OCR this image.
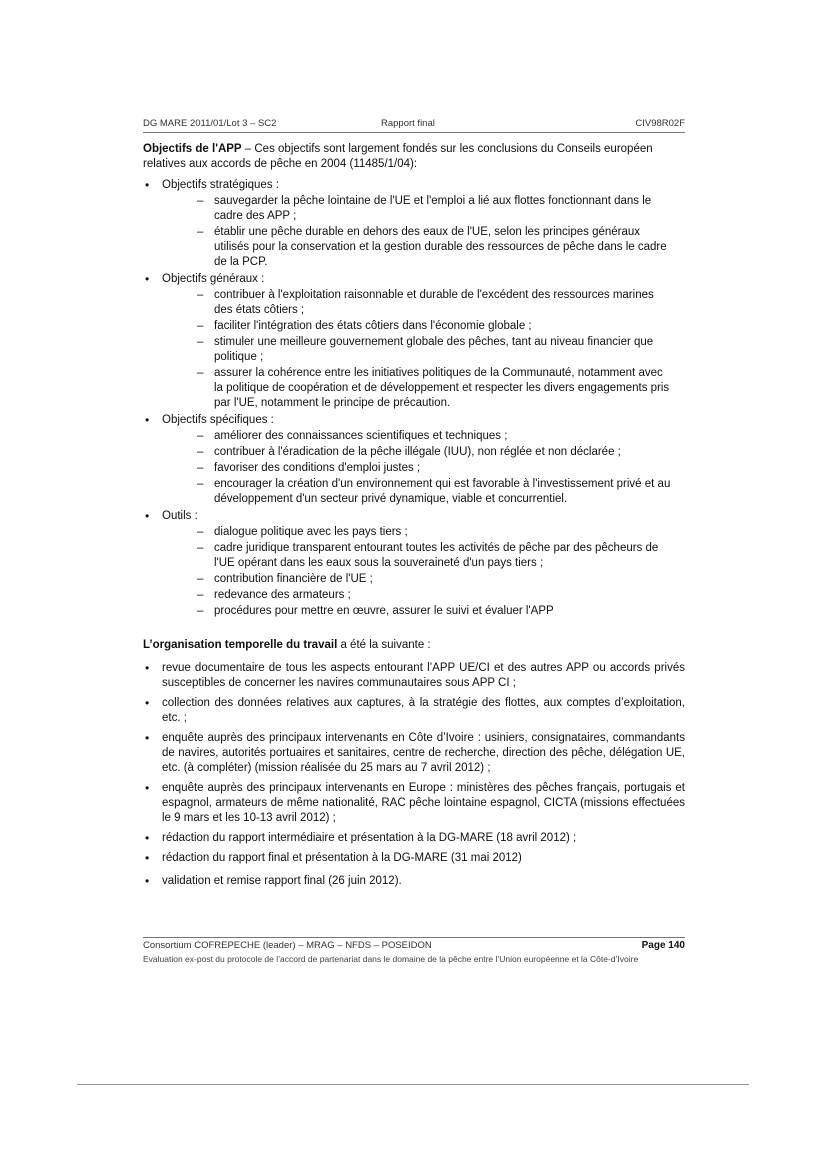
DG MARE 2011/01/Lot 3 – SC2	Rapport final	CIV98R02F

Objectifs de l'APP – Ces objectifs sont largement fondés sur les conclusions du Conseils européen relatives aux accords de pêche en 2004 (11485/1/04):

• Objectifs stratégiques :
– sauvegarder la pêche lointaine de l'UE et l'emploi a lié aux flottes fonctionnant dans le cadre des APP ;
– établir une pêche durable en dehors des eaux de l'UE, selon les principes généraux utilisés pour la conservation et la gestion durable des ressources de pêche dans le cadre de la PCP.
• Objectifs généraux :
– contribuer à l'exploitation raisonnable et durable de l'excédent des ressources marines des états côtiers ;
– faciliter l'intégration des états côtiers dans l'économie globale ;
– stimuler une meilleure gouvernement globale des pêches, tant au niveau financier que politique ;
– assurer la cohérence entre les initiatives politiques de la Communauté, notamment avec la politique de coopération et de développement et respecter les divers engagements pris par l'UE, notamment le principe de précaution.
• Objectifs spécifiques :
– améliorer des connaissances scientifiques et techniques ;
– contribuer à l'éradication de la pêche illégale (IUU), non réglée et non déclarée ;
– favoriser des conditions d'emploi justes ;
– encourager la création d'un environnement qui est favorable à l'investissement privé et au développement d'un secteur privé dynamique, viable et concurrentiel.
• Outils :
– dialogue politique avec les pays tiers ;
– cadre juridique transparent entourant toutes les activités de pêche par des pêcheurs de l'UE opérant dans les eaux sous la souveraineté d'un pays tiers ;
– contribution financière de l'UE ;
– redevance des armateurs ;
– procédures pour mettre en œuvre, assurer le suivi et évaluer l'APP

L’organisation temporelle du travail a été la suivante :

• revue documentaire de tous les aspects entourant l’APP UE/CI et des autres APP ou accords privés susceptibles de concerner les navires communautaires sous APP CI ;
• collection des données relatives aux captures, à la stratégie des flottes, aux comptes d’exploitation, etc. ;
• enquête auprès des principaux intervenants en Côte d’Ivoire : usiniers, consignataires, commandants de navires, autorités portuaires et sanitaires, centre de recherche, direction des pêche, délégation UE, etc. (à compléter) (mission réalisée du 25 mars au 7 avril 2012) ;
• enquête auprès des principaux intervenants en Europe : ministères des pêches français, portugais et espagnol, armateurs de même nationalité, RAC pêche lointaine espagnol, CICTA (missions effectuées le 9 mars et les 10-13 avril 2012) ;
• rédaction du rapport intermédiaire et présentation à la DG-MARE (18 avril 2012) ;
• rédaction du rapport final et présentation à la DG-MARE (31 mai 2012)
• validation et remise rapport final (26 juin 2012).
Consortium COFREPECHE (leader) – MRAG – NFDS – POSEIDON	Page 140
Evaluation ex-post du protocole de l’accord de partenariat dans le domaine de la pêche entre l’Union européenne et la Côte-d’Ivoire
